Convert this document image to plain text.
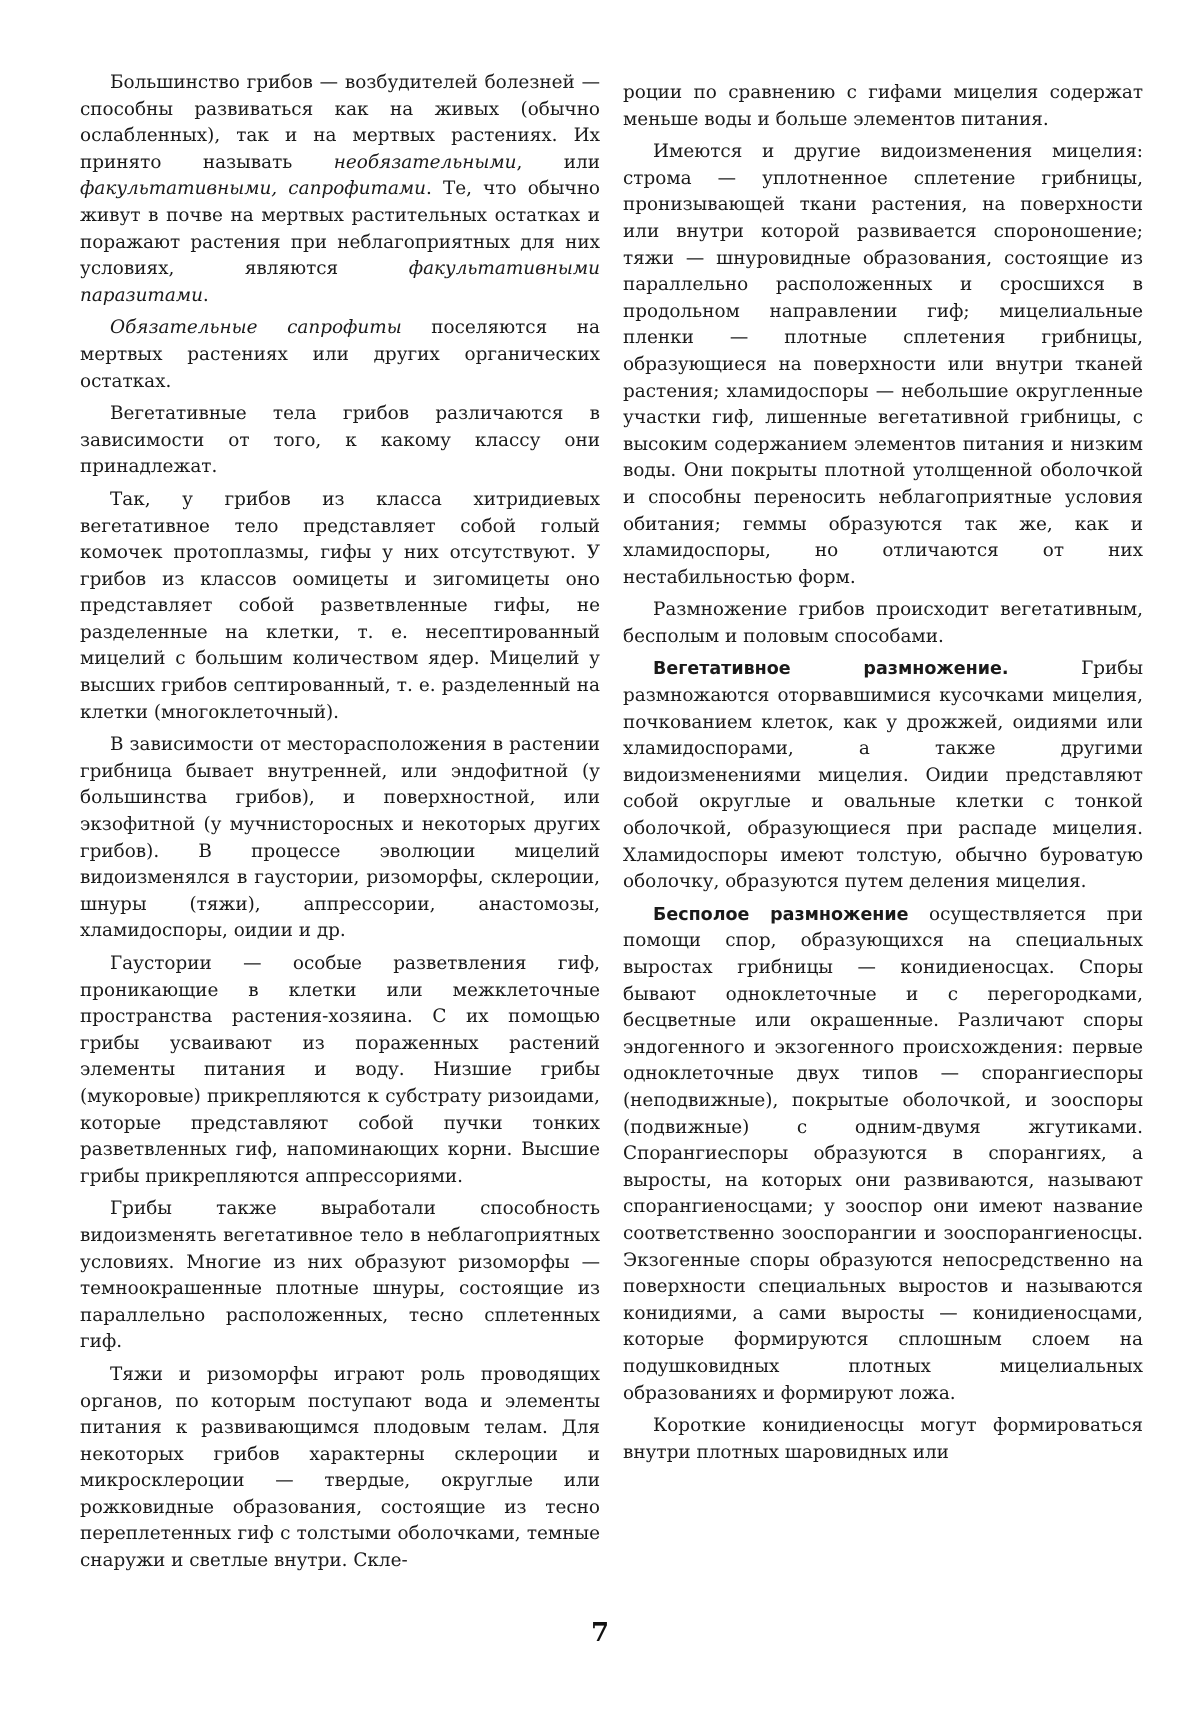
Большинство грибов — возбудителей болезней — способны развиваться как на живых (обычно ослабленных), так и на мертвых растениях. Их принято называть необязательными, или факультативными, сапрофитами. Те, что обычно живут в почве на мертвых растительных остатках и поражают растения при неблагоприятных для них условиях, являются факультативными паразитами.

Обязательные сапрофиты поселяются на мертвых растениях или других органических остатках.

Вегетативные тела грибов различаются в зависимости от того, к какому классу они принадлежат.

Так, у грибов из класса хитридиевых вегетативное тело представляет собой голый комочек протоплазмы, гифы у них отсутствуют. У грибов из классов оомицеты и зигомицеты оно представляет собой разветвленные гифы, не разделенные на клетки, т. е. несептированный мицелий с большим количеством ядер. Мицелий у высших грибов септированный, т. е. разделенный на клетки (многоклеточный).

В зависимости от месторасположения в растении грибница бывает внутренней, или эндофитной (у большинства грибов), и поверхностной, или экзофитной (у мучнисторосных и некоторых других грибов). В процессе эволюции мицелий видоизменялся в гаустории, ризоморфы, склероции, шнуры (тяжи), аппрессории, анастомозы, хламидоспоры, оидии и др.

Гаустории — особые разветвления гиф, проникающие в клетки или межклеточные пространства растения-хозяина. С их помощью грибы усваивают из пораженных растений элементы питания и воду. Низшие грибы (мукоровые) прикрепляются к субстрату ризоидами, которые представляют собой пучки тонких разветвленных гиф, напоминающих корни. Высшие грибы прикрепляются аппрессориями.

Грибы также выработали способность видоизменять вегетативное тело в неблагоприятных условиях. Многие из них образуют ризоморфы — темноокрашенные плотные шнуры, состоящие из параллельно расположенных, тесно сплетенных гиф.

Тяжи и ризоморфы играют роль проводящих органов, по которым поступают вода и элементы питания к развивающимся плодовым телам. Для некоторых грибов характерны склероции и микросклероции — твердые, округлые или рожковидные образования, состоящие из тесно переплетенных гиф с толстыми оболочками, темные снаружи и светлые внутри. Скле-

роции по сравнению с гифами мицелия содержат меньше воды и больше элементов питания.

Имеются и другие видоизменения мицелия: строма — уплотненное сплетение грибницы, пронизывающей ткани растения, на поверхности или внутри которой развивается спороношение; тяжи — шнуровидные образования, состоящие из параллельно расположенных и сросшихся в продольном направлении гиф; мицелиальные пленки — плотные сплетения грибницы, образующиеся на поверхности или внутри тканей растения; хламидоспоры — небольшие округленные участки гиф, лишенные вегетативной грибницы, с высоким содержанием элементов питания и низким воды. Они покрыты плотной утолщенной оболочкой и способны переносить неблагоприятные условия обитания; геммы образуются так же, как и хламидоспоры, но отличаются от них нестабильностью форм.

Размножение грибов происходит вегетативным, бесполым и половым способами.

Вегетативное размножение. Грибы размножаются оторвавшимися кусочками мицелия, почкованием клеток, как у дрожжей, оидиями или хламидоспорами, а также другими видоизменениями мицелия. Оидии представляют собой округлые и овальные клетки с тонкой оболочкой, образующиеся при распаде мицелия. Хламидоспоры имеют толстую, обычно буроватую оболочку, образуются путем деления мицелия.

Бесполое размножение осуществляется при помощи спор, образующихся на специальных выростах грибницы — конидиеносцах. Споры бывают одноклеточные и с перегородками, бесцветные или окрашенные. Различают споры эндогенного и экзогенного происхождения: первые одноклеточные двух типов — спорангиеспоры (неподвижные), покрытые оболочкой, и зооспоры (подвижные) с одним-двумя жгутиками. Спорангиеспоры образуются в спорангиях, а выросты, на которых они развиваются, называют спорангиеносцами; у зооспор они имеют название соответственно зооспорангии и зооспорангиеносцы. Экзогенные споры образуются непосредственно на поверхности специальных выростов и называются конидиями, а сами выросты — конидиеносцами, которые формируются сплошным слоем на подушковидных плотных мицелиальных образованиях и формируют ложа.

Короткие конидиеносцы могут формироваться внутри плотных шаровидных или

7
